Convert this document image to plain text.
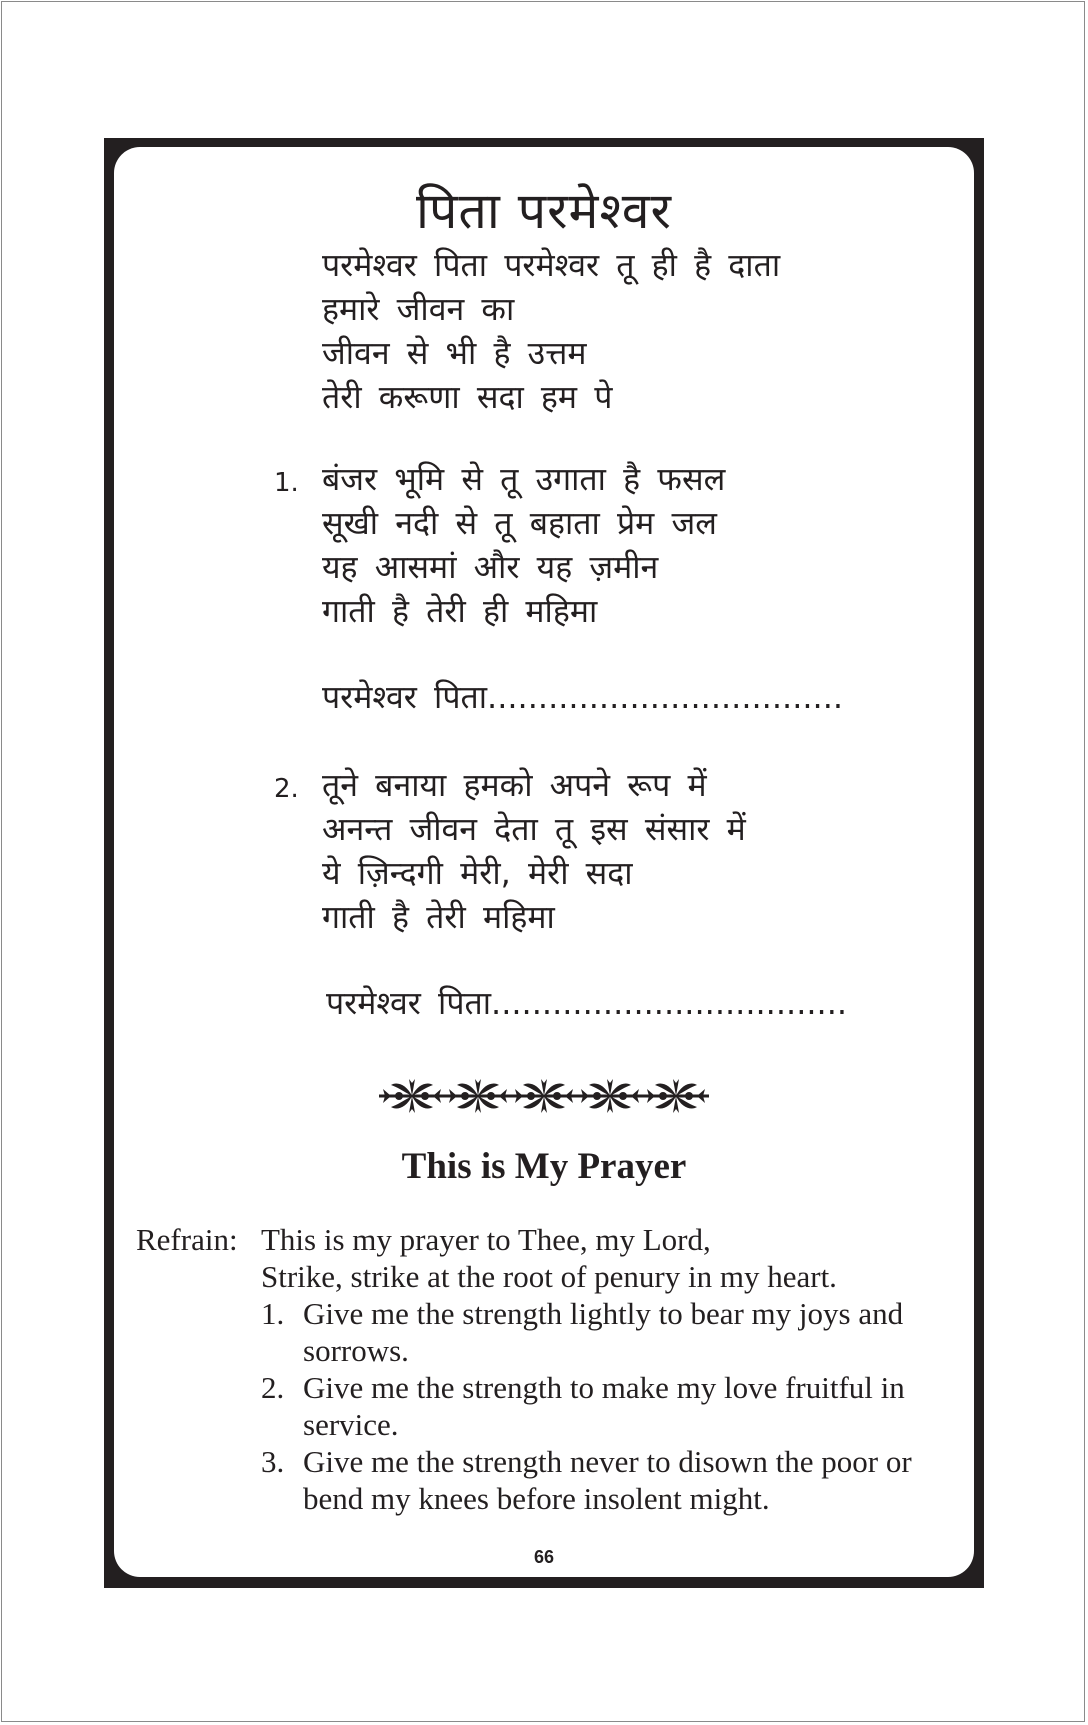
पिता परमेश्वर
परमेश्वर पिता परमेश्वर तू ही है दाता
हमारे जीवन का
जीवन से भी है उत्तम
तेरी करूणा सदा हम पे
1. बंजर भूमि से तू उगाता है फसल
सूखी नदी से तू बहाता प्रेम जल
यह आसमां और यह ज़मीन
गाती है तेरी ही महिमा
परमेश्वर पिता...................................
2. तूने बनाया हमको अपने रूप में
अनन्त जीवन देता तू इस संसार में
ये ज़िन्दगी मेरी, मेरी सदा
गाती है तेरी महिमा
परमेश्वर पिता...................................
This is My Prayer
Refrain: This is my prayer to Thee, my Lord,
Strike, strike at the root of penury in my heart.
1. Give me the strength lightly to bear my joys and
sorrows.
2. Give me the strength to make my love fruitful in
service.
3. Give me the strength never to disown the poor or
bend my knees before insolent might.
66
